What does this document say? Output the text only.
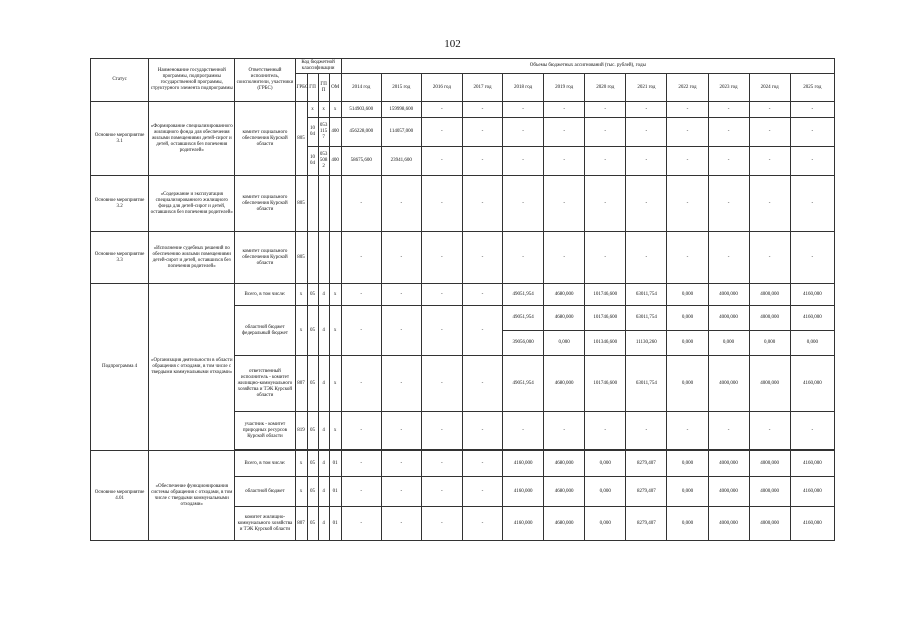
102
Статус	Наименование государственной программы, подпрограммы государственной программы, структурного элемента подпрограммы	Ответственный исполнитель, соисполнители, участники (ГРБС)	Код бюджетной классификации				Объемы бюджетных ассигнований (тыс. рублей), годы											
			ГРБС	ГП	ГП П	ОМ	2014 год	2015 год	2016 год	2017 год	2018 год	2019 год	2020 год	2021 год	2022 год	2023 год	2024 год	2025 год
Основное мероприятие 3.1	«Формирование специализированного жилищного фонда для обеспечения жилыми помещениями детей-сирот и детей, оставшихся без попечения родителей»	комитет социального обеспечения Курской области	805	x	x	x	514903,600	159998,600	-	-	-	-	-	-	-	-	-	-
				10 04	053 115 7	400	456228,000	114057,000	-	-	-	-	-	-	-	-	-	-
				10 04	053 508 2	400	58675,600	23941,600	-	-	-	-	-	-	-	-	-	-
Основное мероприятие 3.2	«Содержание и эксплуатация специализированного жилищного фонда для детей-сирот и детей, оставшихся без попечения родителей»	комитет социального обеспечения Курской области	805				-	-	-	-	-	-	-	-	-	-	-	-
Основное мероприятие 3.3	«Исполнение судебных решений по обеспечению жилыми помещениями детей-сирот и детей, оставшихся без попечения родителей»	комитет социального обеспечения Курской области	805				-	-	-	-	-	-	-	-	-	-	-	-
Подпрограмма 4	«Организация деятельности в области обращения с отходами, в том числе с твердыми коммунальными отходами»	Всего, в том числе:	x	05	4	x	-	-	-	-	49051,954	4680,000	101746,600	63011,754	0,000	4000,000	4000,000	4160,000
		областной бюджет федеральный бюджет	x	05	4	x	-	-	-	-	49051,954	4680,000	101746,600	63011,754	0,000	4000,000	4000,000	4160,000
											39056,000	0,000	101346,600	11130,260	0,000	0,000	0,000	0,000
		ответственный исполнитель - комитет жилищно-коммунального хозяйства и ТЭК Курской области	807	05	4	x	-	-	-	-	49051,954	4680,000	101746,600	63011,754	0,000	4000,000	4000,000	4160,000
		участник - комитет природных ресурсов Курской области	819	05	4	x	-	-	-	-	-	-	-	-	-	-	-	-

Основное мероприятие 4.01	«Обеспечение функционирования системы обращения с отходами, в том числе с твердыми коммунальными отходами»	Всего, в том числе:	x	05	4	01	-	-	-	-	4160,000	4680,000	0,000	8279,407	0,000	4000,000	4000,000	4160,000
		областной бюджет	x	05	4	01	-	-	-	-	4160,000	4680,000	0,000	8279,407	0,000	4000,000	4000,000	4160,000
		комитет жилищно-коммунального хозяйства и ТЭК Курской области	807	05	4	01	-	-	-	-	4160,000	4680,000	0,000	8279,407	0,000	4000,000	4000,000	4160,000
